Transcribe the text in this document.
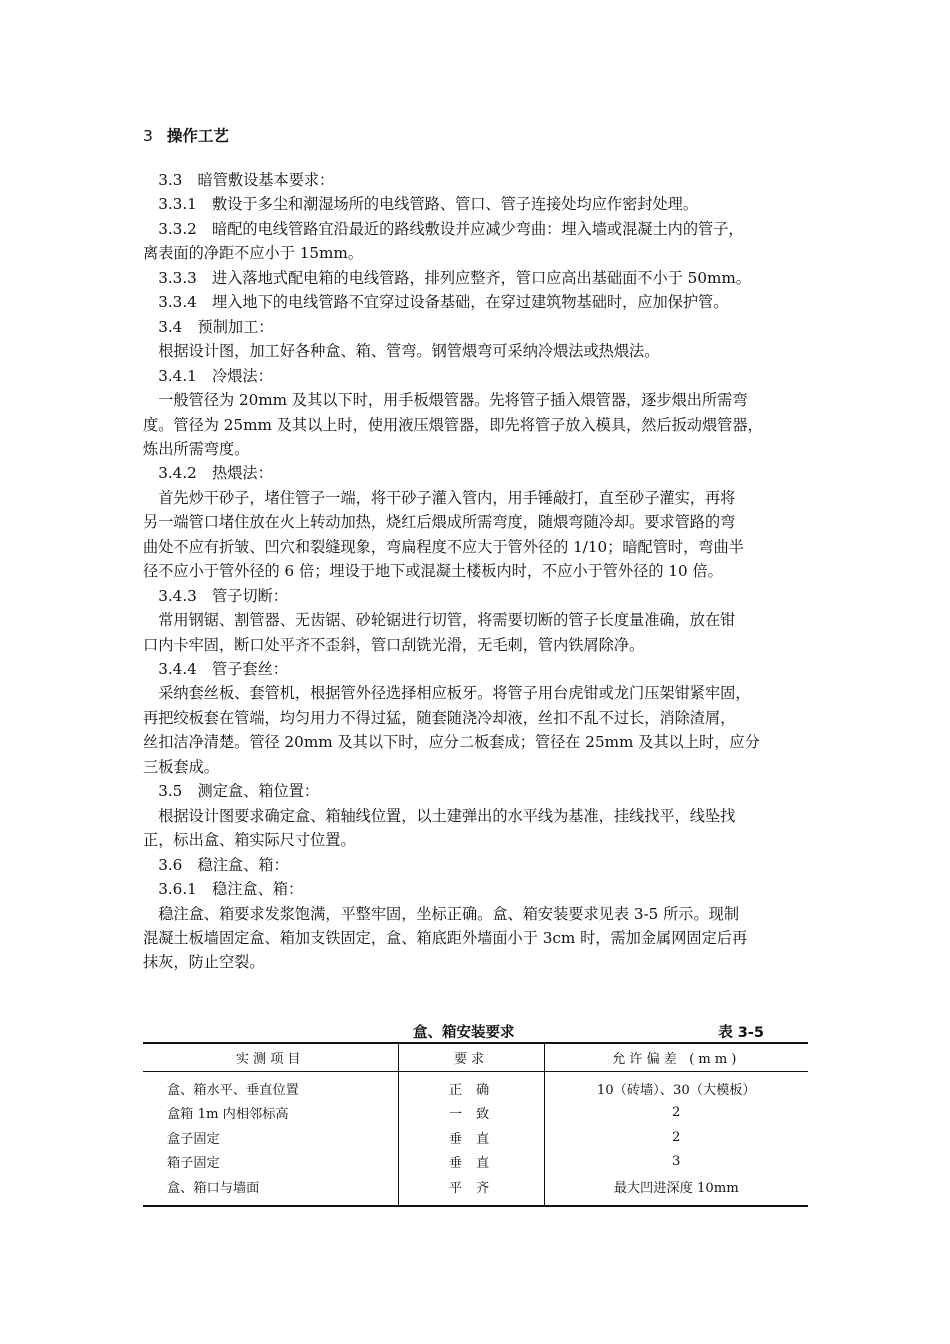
3 操作工艺
　3.3　暗管敷设基本要求：
　3.3.1　敷设于多尘和潮湿场所的电线管路、管口、管子连接处均应作密封处理。
　3.3.2　暗配的电线管路宜沿最近的路线敷设并应减少弯曲：埋入墙或混凝土内的管子，
离表面的净距不应小于 15mm。
　3.3.3　进入落地式配电箱的电线管路，排列应整齐，管口应高出基础面不小于 50mm。
　3.3.4　埋入地下的电线管路不宜穿过设备基础，在穿过建筑物基础时，应加保护管。
　3.4　预制加工：
　根据设计图，加工好各种盒、箱、管弯。钢管煨弯可采纳冷煨法或热煨法。
　3.4.1　冷煨法：
　一般管径为 20mm 及其以下时，用手板煨管器。先将管子插入煨管器，逐步煨出所需弯
度。管径为 25mm 及其以上时，使用液压煨管器，即先将管子放入模具，然后扳动煨管器，
炼出所需弯度。
　3.4.2　热煨法：
　首先炒干砂子，堵住管子一端，将干砂子灌入管内，用手锤敲打，直至砂子灌实，再将
另一端管口堵住放在火上转动加热，烧红后煨成所需弯度，随煨弯随冷却。要求管路的弯
曲处不应有折皱、凹穴和裂缝现象，弯扁程度不应大于管外径的 1/10；暗配管时，弯曲半
径不应小于管外径的 6 倍；埋设于地下或混凝土楼板内时，不应小于管外径的 10 倍。
　3.4.3　管子切断：
　常用钢锯、割管器、无齿锯、砂轮锯进行切管，将需要切断的管子长度量准确，放在钳
口内卡牢固，断口处平齐不歪斜，管口刮铣光滑，无毛刺，管内铁屑除净。
　3.4.4　管子套丝：
　采纳套丝板、套管机，根据管外径选择相应板牙。将管子用台虎钳或龙门压架钳紧牢固，
再把绞板套在管端，均匀用力不得过猛，随套随浇冷却液，丝扣不乱不过长，消除渣屑，
丝扣洁净清楚。管径 20mm 及其以下时，应分二板套成；管径在 25mm 及其以上时，应分
三板套成。
　3.5　测定盒、箱位置：
　根据设计图要求确定盒、箱轴线位置，以土建弹出的水平线为基准，挂线找平，线坠找
正，标出盒、箱实际尺寸位置。
　3.6　稳注盒、箱：
　3.6.1　稳注盒、箱：
　稳注盒、箱要求发浆饱满，平整牢固，坐标正确。盒、箱安装要求见表 3-5 所示。现制
混凝土板墙固定盒、箱加支铁固定，盒、箱底距外墙面小于 3cm 时，需加金属网固定后再
抹灰，防止空裂。
盒、箱安装要求	表 3-5
实测项目	要求	允许偏差 (mm)
盒、箱水平、垂直位置	正确	10（砖墙）、30（大模板）
盒箱 1m 内相邻标高	一致	2
盒子固定	垂直	2
箱子固定	垂直	3
盒、箱口与墙面	平齐	最大凹进深度 10mm
